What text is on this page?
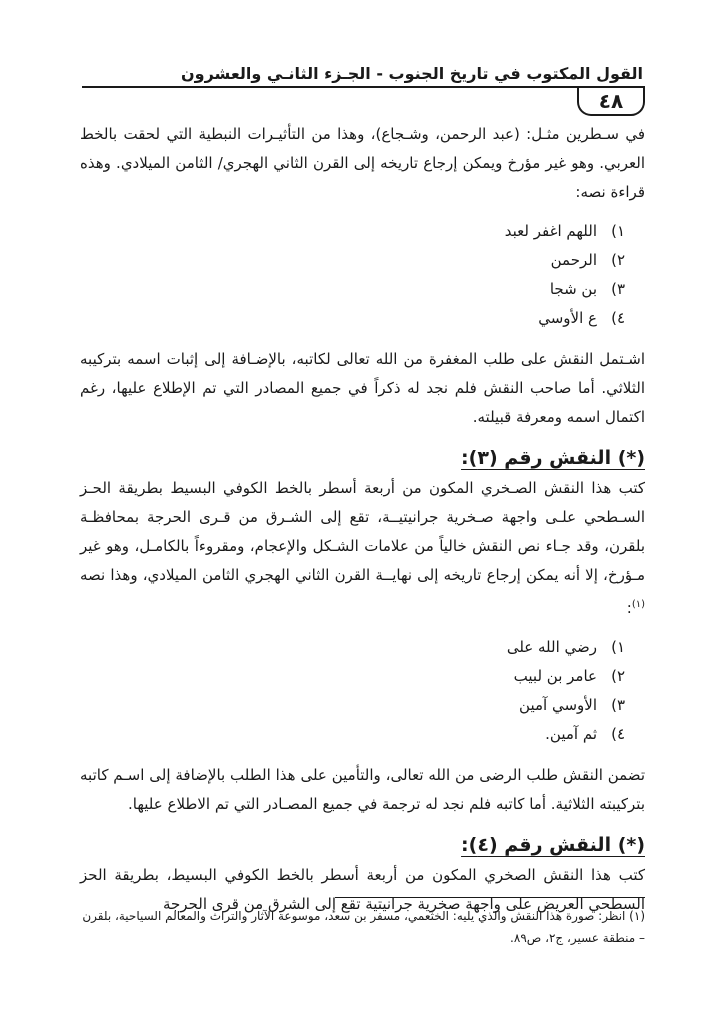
القول المكتوب في تاريخ الجنوب - الجـزء الثانـي والعشرون
٤٨

في سـطرين مثـل: (عبد الرحمن، وشـجاع)، وهذا من التأثيـرات النبطية التي لحقت بالخط العربي. وهو غير مؤرخ ويمكن إرجاع تاريخه إلى القرن الثاني الهجري/ الثامن الميلادي. وهذه قراءة نصه:

١)اللهم اغفر لعبد
٢)الرحمن
٣)بن شجا
٤)ع الأوسي

اشـتمل النقش على طلب المغفرة من الله تعالى لكاتبه، بالإضـافة إلى إثبات اسمه بتركيبه الثلاثي. أما صاحب النقش فلم نجد له ذكراً في جميع المصادر التي تم الإطلاع عليها، رغم اكتمال اسمه ومعرفة قبيلته.

(*) النقش رقم (٣):

كتب هذا النقش الصـخري المكون من أربعة أسطر بالخط الكوفي البسيط بطريقة الحـز السـطحي علـى واجهة صـخرية جرانيتيــة، تقع إلى الشـرق من قـرى الحرجة بمحافظـة بلقرن، وقد جـاء نص النقش خالياً من علامات الشـكل والإعجام، ومقروءاً بالكامـل، وهو غير مـؤرخ، إلا أنه يمكن إرجاع تاريخه إلى نهايــة القرن الثاني الهجري الثامن الميلادي، وهذا نصه $^{(١)}$:

١)رضي الله على
٢)عامر بن لبيب
٣)الأوسي آمين
٤)ثم آمين.

تضمن النقش طلب الرضى من الله تعالى، والتأمين على هذا الطلب بالإضافة إلى اسـم كاتبه بتركيبته الثلاثية. أما كاتبه فلم نجد له ترجمة في جميع المصـادر التي تم الاطلاع عليها.

(*) النقش رقم (٤):

كتب هذا النقش الصخري المكون من أربعة أسطر بالخط الكوفي البسيط، بطريقة الحز السطحي العريض على واجهة صخرية جرانيتية تقع إلى الشرق من قرى الحرجة

(١) انظر: صورة هذا النقش والذي يليه: الخثعمي، مسفر بن سعد، موسوعة الآثار والتراث والمعالم السياحية، بلقرن – منطقة عسير، ج٢، ص٨٩.
